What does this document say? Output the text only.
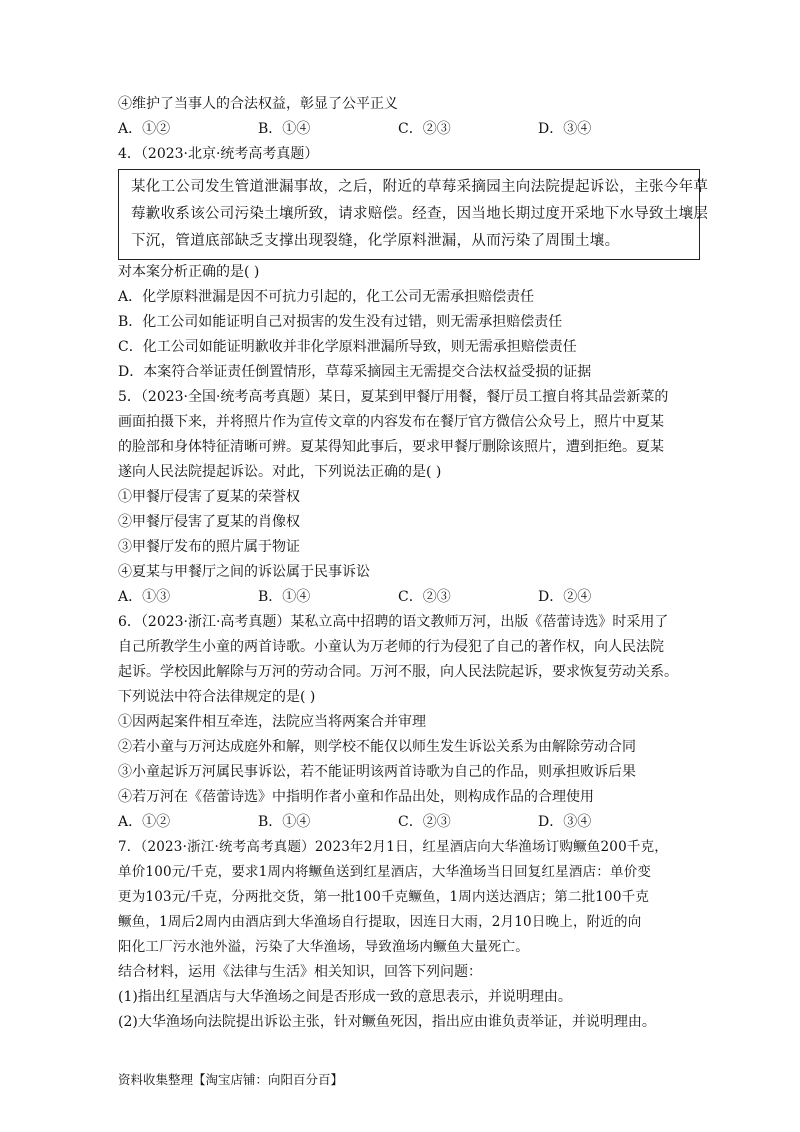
④维护了当事人的合法权益，彰显了公平正义
A．①②	B．①④	C．②③	D．③④
4．（2023·北京·统考高考真题）
某化工公司发生管道泄漏事故，之后，附近的草莓采摘园主向法院提起诉讼，主张今年草
莓歉收系该公司污染土壤所致，请求赔偿。经查，因当地长期过度开采地下水导致土壤层
下沉，管道底部缺乏支撑出现裂缝，化学原料泄漏，从而污染了周围土壤。
对本案分析正确的是( )
A．化学原料泄漏是因不可抗力引起的，化工公司无需承担赔偿责任
B．化工公司如能证明自己对损害的发生没有过错，则无需承担赔偿责任
C．化工公司如能证明歉收并非化学原料泄漏所导致，则无需承担赔偿责任
D．本案符合举证责任倒置情形，草莓采摘园主无需提交合法权益受损的证据
5．（2023·全国·统考高考真题）某日，夏某到甲餐厅用餐，餐厅员工擅自将其品尝新菜的
画面拍摄下来，并将照片作为宣传文章的内容发布在餐厅官方微信公众号上，照片中夏某
的脸部和身体特征清晰可辨。夏某得知此事后，要求甲餐厅删除该照片，遭到拒绝。夏某
遂向人民法院提起诉讼。对此，下列说法正确的是( )
①甲餐厅侵害了夏某的荣誉权
②甲餐厅侵害了夏某的肖像权
③甲餐厅发布的照片属于物证
④夏某与甲餐厅之间的诉讼属于民事诉讼
A．①③	B．①④	C．②③	D．②④
6．（2023·浙江·高考真题）某私立高中招聘的语文教师万河，出版《蓓蕾诗选》时采用了
自己所教学生小童的两首诗歌。小童认为万老师的行为侵犯了自己的著作权，向人民法院
起诉。学校因此解除与万河的劳动合同。万河不服，向人民法院起诉，要求恢复劳动关系。
下列说法中符合法律规定的是( )
①因两起案件相互牵连，法院应当将两案合并审理
②若小童与万河达成庭外和解，则学校不能仅以师生发生诉讼关系为由解除劳动合同
③小童起诉万河属民事诉讼，若不能证明该两首诗歌为自己的作品，则承担败诉后果
④若万河在《蓓蕾诗选》中指明作者小童和作品出处，则构成作品的合理使用
A．①②	B．①④	C．②③	D．③④
7．（2023·浙江·统考高考真题）2023年2月1日，红星酒店向大华渔场订购鳜鱼200千克，
单价100元/千克，要求1周内将鳜鱼送到红星酒店，大华渔场当日回复红星酒店：单价变
更为103元/千克，分两批交货，第一批100千克鳜鱼，1周内送达酒店；第二批100千克
鳜鱼，1周后2周内由酒店到大华渔场自行提取，因连日大雨，2月10日晚上，附近的向
阳化工厂污水池外溢，污染了大华渔场，导致渔场内鳜鱼大量死亡。
结合材料，运用《法律与生活》相关知识，回答下列问题：
(1)指出红星酒店与大华渔场之间是否形成一致的意思表示，并说明理由。
(2)大华渔场向法院提出诉讼主张，针对鳜鱼死因，指出应由谁负责举证，并说明理由。
资料收集整理【淘宝店铺：向阳百分百】
